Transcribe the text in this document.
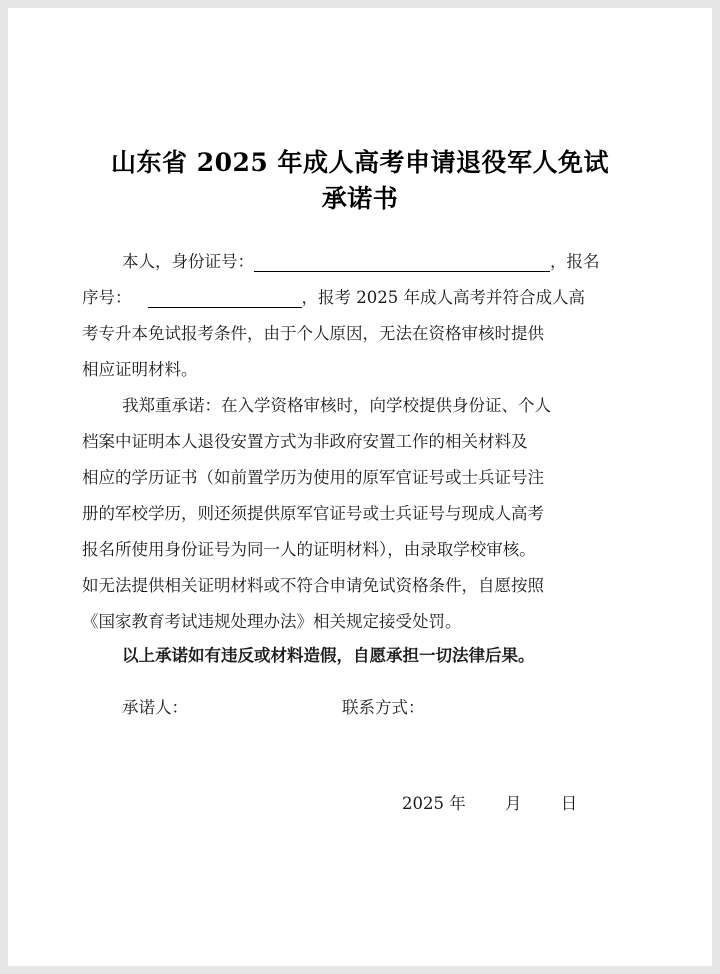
山东省 2025 年成人高考申请退役军人免试
承诺书
本人，身份证号：	，报名
序号：	，报考 2025 年成人高考并符合成人高
考专升本免试报考条件，由于个人原因，无法在资格审核时提供
相应证明材料。
我郑重承诺：在入学资格审核时，向学校提供身份证、个人
档案中证明本人退役安置方式为非政府安置工作的相关材料及
相应的学历证书（如前置学历为使用的原军官证号或士兵证号注
册的军校学历，则还须提供原军官证号或士兵证号与现成人高考
报名所使用身份证号为同一人的证明材料），由录取学校审核。
如无法提供相关证明材料或不符合申请免试资格条件，自愿按照
《国家教育考试违规处理办法》相关规定接受处罚。
以上承诺如有违反或材料造假，自愿承担一切法律后果。
承诺人：	联系方式：
2025 年 月 日
